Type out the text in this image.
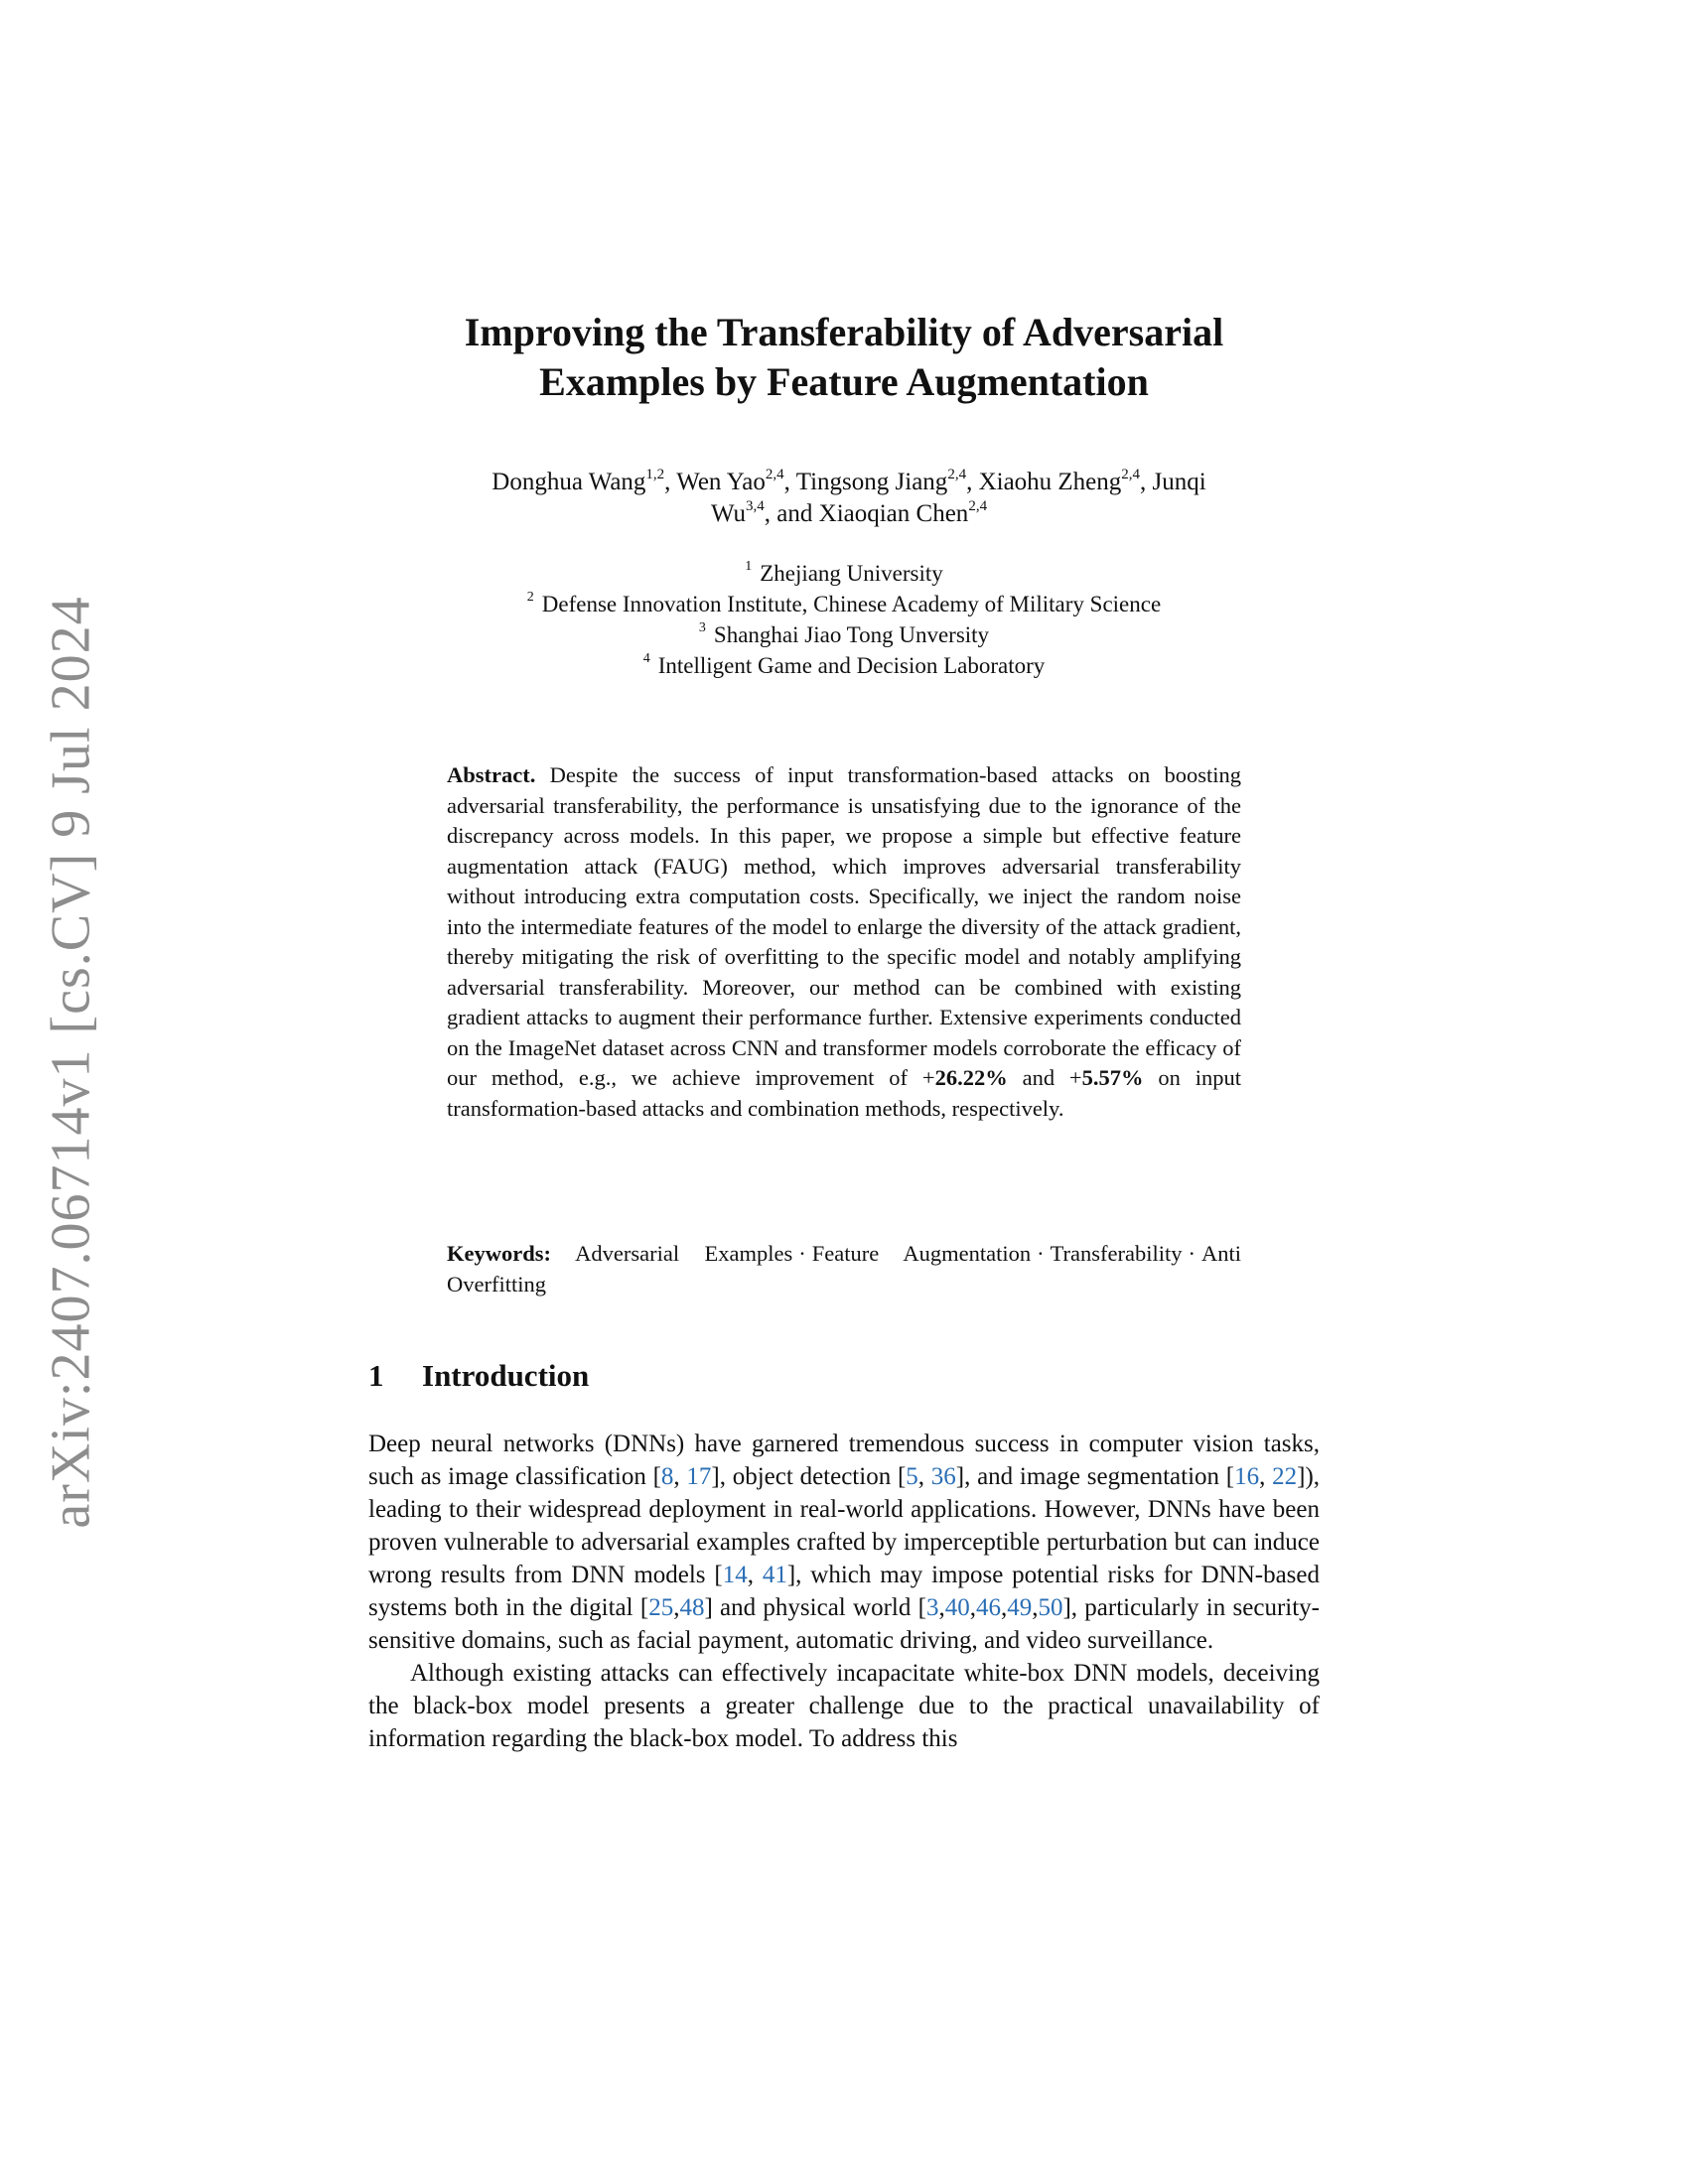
arXiv:2407.06714v1 [cs.CV] 9 Jul 2024
Improving the Transferability of Adversarial
Examples by Feature Augmentation
Donghua Wang$^{1,2}$, Wen Yao$^{2,4}$, Tingsong Jiang$^{2,4}$, Xiaohu Zheng$^{2,4}$, Junqi
Wu$^{3,4}$, and Xiaoqian Chen$^{2,4}$
$^1$ Zhejiang University
$^2$ Defense Innovation Institute, Chinese Academy of Military Science
$^3$ Shanghai Jiao Tong Unversity
$^4$ Intelligent Game and Decision Laboratory
Abstract. Despite the success of input transformation-based attacks on boosting adversarial transferability, the performance is unsatisfying due to the ignorance of the discrepancy across models. In this paper, we propose a simple but effective feature augmentation attack (FAUG) method, which improves adversarial transferability without introducing extra computation costs. Specifically, we inject the random noise into the intermediate features of the model to enlarge the diversity of the attack gradient, thereby mitigating the risk of overfitting to the specific model and notably amplifying adversarial transferability. Moreover, our method can be combined with existing gradient attacks to augment their performance further. Extensive experiments conducted on the ImageNet dataset across CNN and transformer models corroborate the efficacy of our method, e.g., we achieve improvement of +26.22% and +5.57% on input transformation-based attacks and combination methods, respectively.
Keywords: Adversarial Examples · Feature Augmentation · Transferability · Anti Overfitting
1 Introduction

Deep neural networks (DNNs) have garnered tremendous success in computer vision tasks, such as image classification [8, 17], object detection [5, 36], and image segmentation [16, 22]), leading to their widespread deployment in real-world applications. However, DNNs have been proven vulnerable to adversarial examples crafted by imperceptible perturbation but can induce wrong results from DNN models [14, 41], which may impose potential risks for DNN-based systems both in the digital [25,48] and physical world [3,40,46,49,50], particularly in security-sensitive domains, such as facial payment, automatic driving, and video surveillance.

Although existing attacks can effectively incapacitate white-box DNN models, deceiving the black-box model presents a greater challenge due to the practical unavailability of information regarding the black-box model. To address this
